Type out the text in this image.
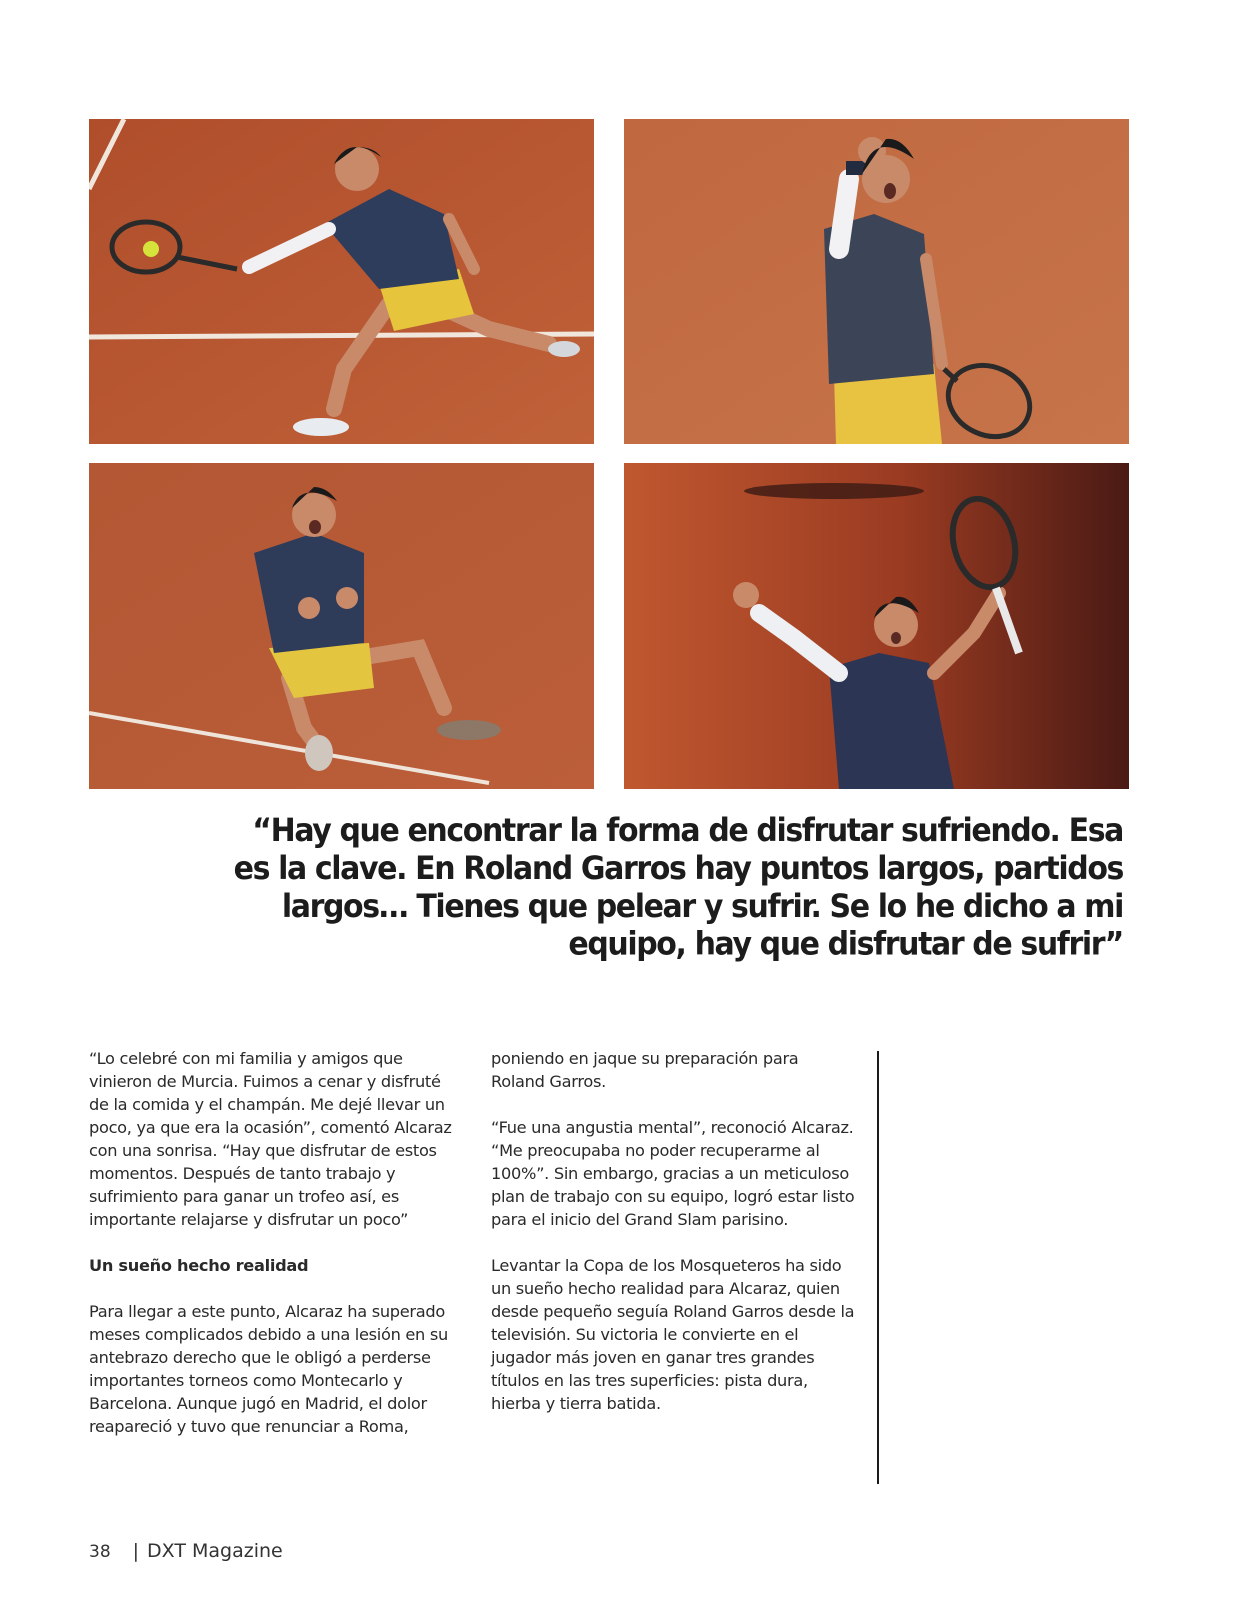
“Hay que encontrar la forma de disfrutar sufriendo. Esa es la clave. En Roland Garros hay puntos largos, partidos largos… Tienes que pelear y sufrir. Se lo he dicho a mi equipo, hay que disfrutar de sufrir”

“Lo celebré con mi familia y amigos que vinieron de Murcia. Fuimos a cenar y disfruté de la comida y el champán. Me dejé llevar un poco, ya que era la ocasión”, comentó Alcaraz con una sonrisa. “Hay que disfrutar de estos momentos. Después de tanto trabajo y sufrimiento para ganar un trofeo así, es importante relajarse y disfrutar un poco”

Un sueño hecho realidad

Para llegar a este punto, Alcaraz ha superado meses complicados debido a una lesión en su antebrazo derecho que le obligó a perderse importantes torneos como Montecarlo y Barcelona. Aunque jugó en Madrid, el dolor reapareció y tuvo que renunciar a Roma,

poniendo en jaque su preparación para Roland Garros.

“Fue una angustia mental”, reconoció Alcaraz. “Me preocupaba no poder recuperarme al 100%”. Sin embargo, gracias a un meticuloso plan de trabajo con su equipo, logró estar listo para el inicio del Grand Slam parisino.

Levantar la Copa de los Mosqueteros ha sido un sueño hecho realidad para Alcaraz, quien desde pequeño seguía Roland Garros desde la televisión. Su victoria le convierte en el jugador más joven en ganar tres grandes títulos en las tres superficies: pista dura, hierba y tierra batida.

38 | DXT Magazine
